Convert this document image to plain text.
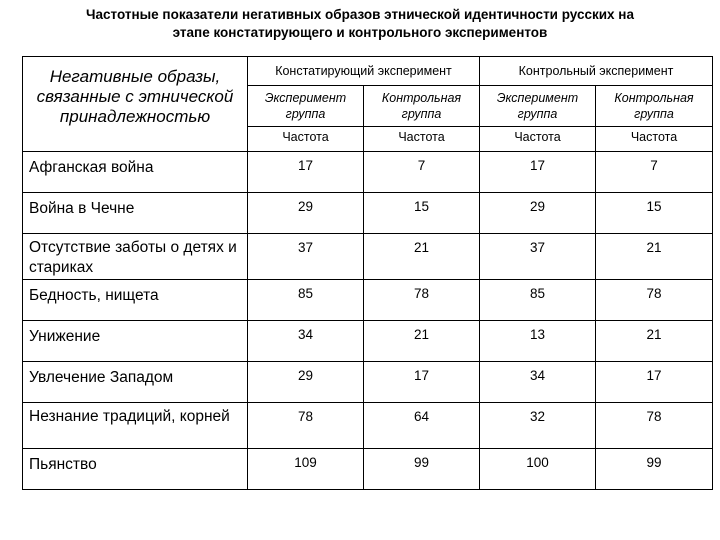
Частотные показатели негативных образов этнической идентичности русских на
этапе констатирующего и контрольного экспериментов
Негативные образы, связанные с этнической принадлежностью	Констатирующий эксперимент		Контрольный эксперимент	
	Эксперимент группа	Контрольная группа	Эксперимент группа	Контрольная группа
	Частота	Частота	Частота	Частота
Афганская война	17	7	17	7
Война в Чечне	29	15	29	15
Отсутствие заботы о детях и стариках	37	21	37	21
Бедность, нищета	85	78	85	78
Унижение	34	21	13	21
Увлечение Западом	29	17	34	17
Незнание традиций, корней	78	64	32	78
Пьянство	109	99	100	99
